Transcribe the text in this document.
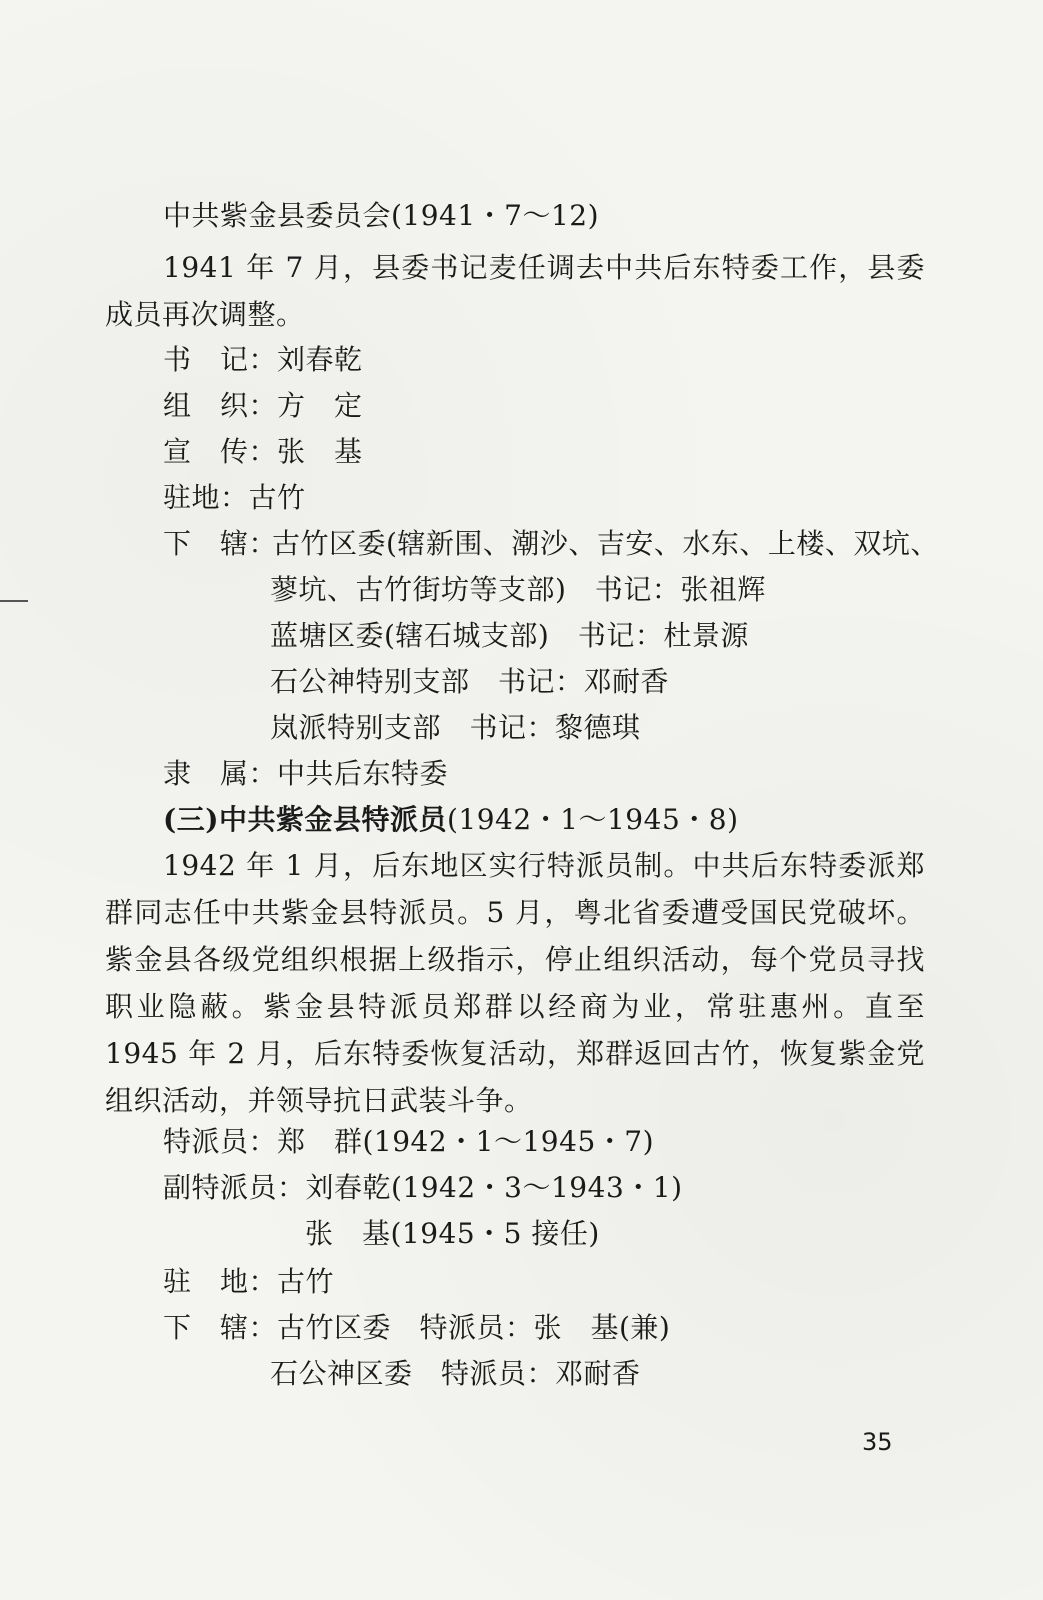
中共紫金县委员会(1941・7～12)

1941 年 7 月，县委书记麦任调去中共后东特委工作，县委成员再次调整。

书　记：刘春乾
组　织：方　定
宣　传：张　基
驻地：古竹
下　辖：
古竹区委(辖新围、潮沙、吉安、水东、上楼、双坑、
蓼坑、古竹街坊等支部)　书记：张祖辉
蓝塘区委(辖石城支部)　书记：杜景源
石公神特别支部　书记：邓耐香
岚派特别支部　书记：黎德琪
隶　属：中共后东特委
(三)中共紫金县特派员(1942・1～1945・8)

1942 年 1 月，后东地区实行特派员制。中共后东特委派郑群同志任中共紫金县特派员。5 月，粤北省委遭受国民党破坏。紫金县各级党组织根据上级指示，停止组织活动，每个党员寻找职业隐蔽。紫金县特派员郑群以经商为业，常驻惠州。直至 1945 年 2 月，后东特委恢复活动，郑群返回古竹，恢复紫金党组织活动，并领导抗日武装斗争。

特派员：郑　群(1942・1～1945・7)
副特派员：刘春乾(1942・3～1943・1)
张　基(1945・5 接任)
驻　地：古竹
下　辖：古竹区委　特派员：张　基(兼)
石公神区委　特派员：邓耐香
35
